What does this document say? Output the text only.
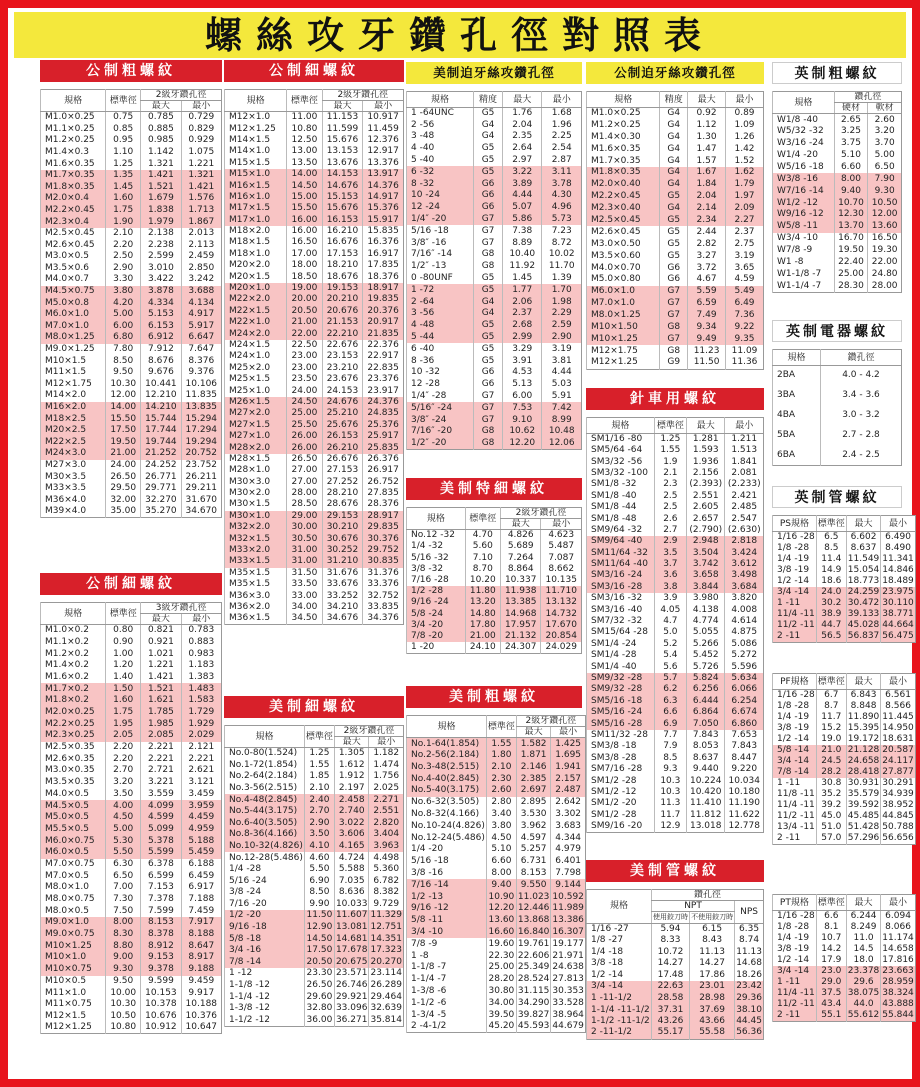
螺絲攻牙鑽孔徑對照表
公制粗螺紋
規格	標準徑	2級牙鑽孔徑	
		最大	最小
M1.0×0.25	0.75	0.785	0.729
M1.1×0.25	0.85	0.885	0.829
M1.2×0.25	0.95	0.985	0.929
M1.4×0.3	1.10	1.142	1.075
M1.6×0.35	1.25	1.321	1.221
M1.7×0.35	1.35	1.421	1.321
M1.8×0.35	1.45	1.521	1.421
M2.0×0.4	1.60	1.679	1.576
M2.2×0.45	1.75	1.838	1.713
M2.3×0.4	1.90	1.979	1.867
M2.5×0.45	2.10	2.138	2.013
M2.6×0.45	2.20	2.238	2.113
M3.0×0.5	2.50	2.599	2.459
M3.5×0.6	2.90	3.010	2.850
M4.0×0.7	3.30	3.422	3.242
M4.5×0.75	3.80	3.878	3.688
M5.0×0.8	4.20	4.334	4.134
M6.0×1.0	5.00	5.153	4.917
M7.0×1.0	6.00	6.153	5.917
M8.0×1.25	6.80	6.912	6.647
M9.0×1.25	7.80	7.912	7.647
M10×1.5	8.50	8.676	8.376
M11×1.5	9.50	9.676	9.376
M12×1.75	10.30	10.441	10.106
M14×2.0	12.00	12.210	11.835
M16×2.0	14.00	14.210	13.835
M18×2.5	15.50	15.744	15.294
M20×2.5	17.50	17.744	17.294
M22×2.5	19.50	19.744	19.294
M24×3.0	21.00	21.252	20.752
M27×3.0	24.00	24.252	23.752
M30×3.5	26.50	26.771	26.211
M33×3.5	29.50	29.771	29.211
M36×4.0	32.00	32.270	31.670
M39×4.0	35.00	35.270	34.670
公制細螺紋
規格	標準徑	2級牙鑽孔徑	
		最大	最小
M12×1.0	11.00	11.153	10.917
M12×1.25	10.80	11.599	11.459
M14×1.5	12.50	15.676	12.376
M14×1.0	13.00	13.153	12.917
M15×1.5	13.50	13.676	13.376
M15×1.0	14.00	14.153	13.917
M16×1.5	14.50	14.676	14.376
M16×1.0	15.00	15.153	14.917
M17×1.5	15.50	15.676	15.376
M17×1.0	16.00	16.153	15.917
M18×2.0	16.00	16.210	15.835
M18×1.5	16.50	16.676	16.376
M18×1.0	17.00	17.153	16.917
M20×2.0	18.00	18.210	17.835
M20×1.5	18.50	18.676	18.376
M20×1.0	19.00	19.153	18.917
M22×2.0	20.00	20.210	19.835
M22×1.5	20.50	20.676	20.376
M22×1.0	21.00	21.153	20.917
M24×2.0	22.00	22.210	21.835
M24×1.5	22.50	22.676	22.376
M24×1.0	23.00	23.153	22.917
M25×2.0	23.00	23.210	22.835
M25×1.5	23.50	23.676	23.376
M25×1.0	24.00	24.153	23.917
M26×1.5	24.50	24.676	24.376
M27×2.0	25.00	25.210	24.835
M27×1.5	25.50	25.676	25.376
M27×1.0	26.00	26.153	25.917
M28×2.0	26.00	26.210	25.835
M28×1.5	26.50	26.676	26.376
M28×1.0	27.00	27.153	26.917
M30×3.0	27.00	27.252	26.752
M30×2.0	28.00	28.210	27.835
M30×1.5	28.50	28.676	28.376
M30×1.0	29.00	29.153	28.917
M32×2.0	30.00	30.210	29.835
M32×1.5	30.50	30.676	30.376
M33×2.0	31.00	30.252	29.752
M33×1.5	31.00	31.210	30.835
M35×1.5	31.50	31.676	31.376
M35×1.5	33.50	33.676	33.376
M36×3.0	33.00	33.252	32.752
M36×2.0	34.00	34.210	33.835
M36×1.5	34.50	34.676	34.376
美制迫牙絲攻鑽孔徑
規格	精度	最大	最小
1 -64UNC	G5	1.76	1.68
2 -56	G4	2.04	1.96
3 -48	G4	2.35	2.25
4 -40	G5	2.64	2.54
5 -40	G5	2.97	2.87
6 -32	G5	3.22	3.11
8 -32	G6	3.89	3.78
10 -24	G6	4.44	4.30
12 -24	G6	5.07	4.96
1/4″ -20	G7	5.86	5.73
5/16 -18	G7	7.38	7.23
3/8″ -16	G7	8.89	8.72
7/16″ -14	G8	10.40	10.02
1/2″ -13	G8	11.92	11.70
0 -80UNF	G5	1.45	1.39
1 -72	G5	1.77	1.70
2 -64	G4	2.06	1.98
3 -56	G4	2.37	2.29
4 -48	G5	2.68	2.59
5 -44	G5	2.99	2.90
6 -40	G5	3.29	3.19
8 -36	G5	3.91	3.81
10 -32	G6	4.53	4.44
12 -28	G6	5.13	5.03
1/4″ -28	G7	6.00	5.91
5/16″ -24	G7	7.53	7.42
3/8″ -24	G7	9.10	8.99
7/16″ -20	G8	10.62	10.48
1/2″ -20	G8	12.20	12.06
公制迫牙絲攻鑽孔徑
規格	精度	最大	最小
M1.0×0.25	G4	0.92	0.89
M1.2×0.25	G4	1.12	1.09
M1.4×0.30	G4	1.30	1.26
M1.6×0.35	G4	1.47	1.42
M1.7×0.35	G4	1.57	1.52
M1.8×0.35	G4	1.67	1.62
M2.0×0.40	G4	1.84	1.79
M2.2×0.45	G5	2.04	1.97
M2.3×0.40	G4	2.14	2.09
M2.5×0.45	G5	2.34	2.27
M2.6×0.45	G5	2.44	2.37
M3.0×0.50	G5	2.82	2.75
M3.5×0.60	G5	3.27	3.19
M4.0×0.70	G6	3.72	3.65
M5.0×0.80	G6	4.67	4.59
M6.0×1.0	G7	5.59	5.49
M7.0×1.0	G7	6.59	6.49
M8.0×1.25	G7	7.49	7.36
M10×1.50	G8	9.34	9.22
M10×1.25	G7	9.49	9.35
M12×1.75	G8	11.23	11.09
M12×1.25	G9	11.50	11.36
英制粗螺紋
規格	鑽孔徑	
	硬材	軟材
W1/8 -40	2.65	2.60
W5/32 -32	3.25	3.20
W3/16 -24	3.75	3.70
W1/4 -20	5.10	5.00
W5/16 -18	6.60	6.50
W3/8 -16	8.00	7.90
W7/16 -14	9.40	9.30
W1/2 -12	10.70	10.50
W9/16 -12	12.30	12.00
W5/8 -11	13.70	13.60
W3/4 -10	16.70	16.50
W7/8 -9	19.50	19.30
W1 -8	22.40	22.00
W1-1/8 -7	25.00	24.80
W1-1/4 -7	28.30	28.00
英制電器螺紋
規格	鑽孔徑
2BA	4.0 - 4.2
3BA	3.4 - 3.6
4BA	3.0 - 3.2
5BA	2.7 - 2.8
6BA	2.4 - 2.5
英制管螺紋
PS規格	標準徑	最大	最小
1/16 -28	6.5	6.602	6.490
1/8 -28	8.5	8.637	8.490
1/4 -19	11.4	11.549	11.341
3/8 -19	14.9	15.054	14.846
1/2 -14	18.6	18.773	18.489
3/4 -14	24.0	24.259	23.975
1 -11	30.2	30.472	30.110
11/4 -11	38.9	39.133	38.771
11/2 -11	44.7	45.028	44.664
2 -11	56.5	56.837	56.475
公制細螺紋
規格	標準徑	3級牙鑽孔徑	
		最大	最小
M1.0×0.2	0.80	0.821	0.783
M1.1×0.2	0.90	0.921	0.883
M1.2×0.2	1.00	1.021	0.983
M1.4×0.2	1.20	1.221	1.183
M1.6×0.2	1.40	1.421	1.383
M1.7×0.2	1.50	1.521	1.483
M1.8×0.2	1.60	1.621	1.583
M2.0×0.25	1.75	1.785	1.729
M2.2×0.25	1.95	1.985	1.929
M2.3×0.25	2.05	2.085	2.029
M2.5×0.35	2.20	2.221	2.121
M2.6×0.35	2.20	2.221	2.221
M3.0×0.35	2.70	2.721	2.621
M3.5×0.35	3.20	3.221	3.121
M4.0×0.5	3.50	3.559	3.459
M4.5×0.5	4.00	4.099	3.959
M5.0×0.5	4.50	4.599	4.459
M5.5×0.5	5.00	5.099	4.959
M6.0×0.75	5.30	5.378	5.188
M6.0×0.5	5.50	5.599	5.459
M7.0×0.75	6.30	6.378	6.188
M7.0×0.5	6.50	6.599	6.459
M8.0×1.0	7.00	7.153	6.917
M8.0×0.75	7.30	7.378	7.188
M8.0×0.5	7.50	7.599	7.459
M9.0×1.0	8.00	8.153	7.917
M9.0×0.75	8.30	8.378	8.188
M10×1.25	8.80	8.912	8.647
M10×1.0	9.00	9.153	8.917
M10×0.75	9.30	9.378	9.188
M10×0.5	9.50	9.599	9.459
M11×1.0	10.00	10.153	9.917
M11×0.75	10.30	10.378	10.188
M12×1.5	10.50	10.676	10.376
M12×1.25	10.80	10.912	10.647
美制細螺紋
規格	標準徑	2級牙鑽孔徑	
		最大	最小
No.0-80(1.524)	1.25	1.305	1.182
No.1-72(1.854)	1.55	1.612	1.474
No.2-64(2.184)	1.85	1.912	1.756
No.3-56(2.515)	2.10	2.197	2.025
No.4-48(2.845)	2.40	2.458	2.271
No.5-44(3.175)	2.70	2.740	2.551
No.6-40(3.505)	2.90	3.022	2.820
No.8-36(4.166)	3.50	3.606	3.404
No.10-32(4.826)	4.10	4.165	3.963
No.12-28(5.486)	4.60	4.724	4.498
1/4 -28	5.50	5.588	5.360
5/16 -24	6.90	7.035	6.782
3/8 -24	8.50	8.636	8.382
7/16 -20	9.90	10.033	9.729
1/2 -20	11.50	11.607	11.329
9/16 -18	12.90	13.081	12.751
5/8 -18	14.50	14.681	14.351
3/4 -16	17.50	17.678	17.323
7/8 -14	20.50	20.675	20.270
1 -12	23.30	23.571	23.114
1-1/8 -12	26.50	26.746	26.289
1-1/4 -12	29.60	29.921	29.464
1-3/8 -12	32.80	33.096	32.639
1-1/2 -12	36.00	36.271	35.814
美制特細螺紋
規格	標準徑	2級牙鑽孔徑	
		最大	最小
No.12 -32	4.70	4.826	4.623
1/4 -32	5.60	5.689	5.487
5/16 -32	7.10	7.264	7.087
3/8 -32	8.70	8.864	8.662
7/16 -28	10.20	10.337	10.135
1/2 -28	11.80	11.938	11.710
9/16 -24	13.20	13.385	13.132
5/8 -24	14.80	14.968	14.732
3/4 -20	17.80	17.957	17.670
7/8 -20	21.00	21.132	20.854
1 -20	24.10	24.307	24.029
美制粗螺紋
規格	標準徑	2級牙鑽孔徑	
		最大	最小
No.1-64(1.854)	1.55	1.582	1.425
No.2-56(2.184)	1.80	1.871	1.695
No.3-48(2.515)	2.10	2.146	1.941
No.4-40(2.845)	2.30	2.385	2.157
No.5-40(3.175)	2.60	2.697	2.487
No.6-32(3.505)	2.80	2.895	2.642
No.8-32(4.166)	3.40	3.530	3.302
No.10-24(4.826)	3.80	3.962	3.683
No.12-24(5.486)	4.50	4.597	4.344
1/4 -20	5.10	5.257	4.979
5/16 -18	6.60	6.731	6.401
3/8 -16	8.00	8.153	7.798
7/16 -14	9.40	9.550	9.144
1/2 -13	10.90	11.023	10.592
9/16 -12	12.20	12.446	11.989
5/8 -11	13.60	13.868	13.386
3/4 -10	16.60	16.840	16.307
7/8 -9	19.60	19.761	19.177
1 -8	22.30	22.606	21.971
1-1/8 -7	25.00	25.349	24.638
1-1/4 -7	28.20	28.524	27.813
1-3/8 -6	30.80	31.115	30.353
1-1/2 -6	34.00	34.290	33.528
1-3/4 -5	39.50	39.827	38.964
2 -4-1/2	45.20	45.593	44.679
針車用螺紋
規格	標準徑	最大	最小
SM1/16 -80	1.25	1.281	1.211
SM5/64 -64	1.55	1.593	1.513
SM3/32 -56	1.9	1.936	1.841
SM3/32 -100	2.1	2.156	2.081
SM1/8 -32	2.3	(2.393)	(2.233)
SM1/8 -40	2.5	2.551	2.421
SM1/8 -44	2.5	2.605	2.485
SM1/8 -48	2.6	2.657	2.547
SM9/64 -32	2.7	(2.790)	(2.630)
SM9/64 -40	2.9	2.948	2.818
SM11/64 -32	3.5	3.504	3.424
SM11/64 -40	3.7	3.742	3.612
SM3/16 -24	3.6	3.658	3.498
SM3/16 -28	3.8	3.844	3.684
SM3/16 -32	3.9	3.980	3.820
SM3/16 -40	4.05	4.138	4.008
SM7/32 -32	4.7	4.774	4.614
SM15/64 -28	5.0	5.055	4.875
SM1/4 -24	5.2	5.266	5.086
SM1/4 -28	5.4	5.452	5.272
SM1/4 -40	5.6	5.726	5.596
SM9/32 -28	5.7	5.824	5.634
SM9/32 -28	6.2	6.256	6.066
SM5/16 -18	6.3	6.444	6.254
SM5/16 -24	6.6	6.864	6.674
SM5/16 -28	6.9	7.050	6.860
SM11/32 -28	7.7	7.843	7.653
SM3/8 -18	7.9	8.053	7.843
SM3/8 -28	8.5	8.637	8.447
SM7/16 -28	9.3	9.440	9.220
SM1/2 -28	10.3	10.224	10.034
SM1/2 -12	10.3	10.420	10.180
SM1/2 -20	11.3	11.410	11.190
SM1/2 -28	11.7	11.812	11.622
SM9/16 -20	12.9	13.018	12.778
美制管螺紋
規格	鑽孔徑		
	NPT		NPS
	使用鉸刀時	不使用鉸刀時	
1/16 -27	5.94	6.15	6.35
1/8 -27	8.33	8.43	8.74
1/4 -18	10.72	11.13	11.13
3/8 -18	14.27	14.27	14.68
1/2 -14	17.48	17.86	18.26
3/4 -14	22.63	23.01	23.42
1 -11-1/2	28.58	28.98	29.36
1-1/4 -11-1/2	37.31	37.69	38.10
1-1/2 -11-1/2	43.26	43.66	44.45
2 -11-1/2	55.17	55.58	56.36
PF規格	標準徑	最大	最小
1/16 -28	6.7	6.843	6.561
1/8 -28	8.7	8.848	8.566
1/4 -19	11.7	11.890	11.445
3/8 -19	15.2	15.395	14.950
1/2 -14	19.0	19.172	18.631
5/8 -14	21.0	21.128	20.587
3/4 -14	24.5	24.658	24.117
7/8 -14	28.2	28.418	27.877
1 -11	30.8	30.931	30.291
11/8 -11	35.2	35.579	34.939
11/4 -11	39.2	39.592	38.952
11/2 -11	45.0	45.485	44.845
13/4 -11	51.0	51.428	50.788
2 -11	57.0	57.296	56.656
PT規格	標準徑	最大	最小
1/16 -28	6.6	6.244	6.094
1/8 -28	8.1	8.249	8.066
1/4 -19	10.7	11.0	11.174
3/8 -19	14.2	14.5	14.658
1/2 -14	17.9	18.0	17.816
3/4 -14	23.0	23.378	23.663
1 -11	29.0	29.6	28.959
11/4 -11	37.5	38.075	38.324
11/2 -11	43.4	44.0	43.888
2 -11	55.1	55.612	55.844
